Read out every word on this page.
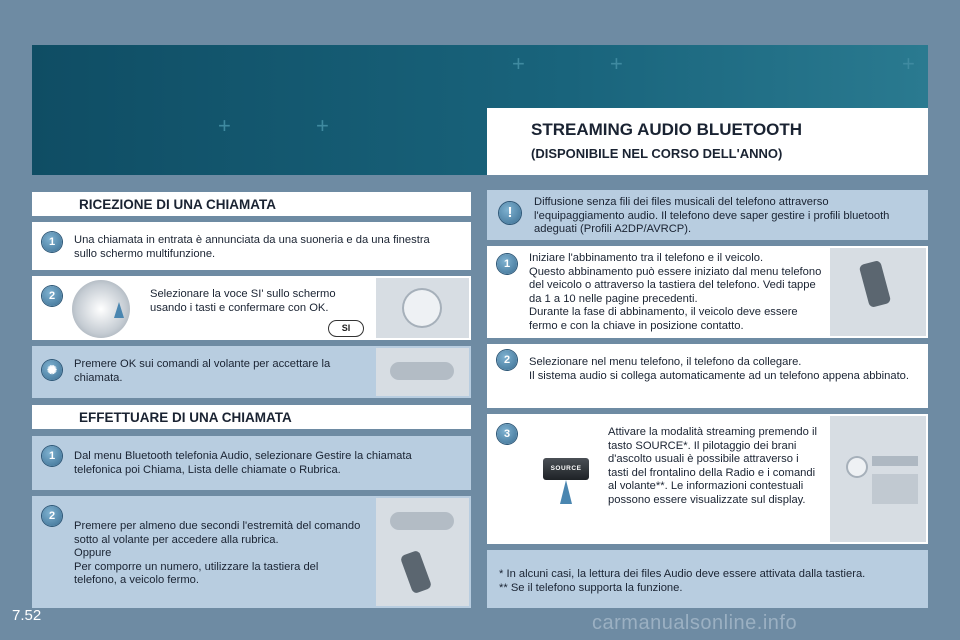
+	+	+
+	+	STREAMING AUDIO BLUETOOTH
(DISPONIBILE NEL CORSO DELL'ANNO)
RICEZIONE DI UNA CHIAMATA
1	Una chiamata in entrata è annunciata da una suoneria e da una finestra sullo schermo multifunzione.
2	Selezionare la voce SI' sullo schermo usando i tasti e confermare con OK.
SI
✺	Premere OK sui comandi al volante per accettare la chiamata.
EFFETTUARE DI UNA CHIAMATA
1	Dal menu Bluetooth telefonia Audio, selezionare Gestire la chiamata telefonica poi Chiama, Lista delle chiamate o Rubrica.
2
Premere per almeno due secondi l'estremità del comando sotto al volante per accedere alla rubrica.
Oppure
Per comporre un numero, utilizzare la tastiera del telefono, a veicolo fermo.
!
Diffusione senza fili dei files musicali del telefono attraverso l'equipaggiamento audio. Il telefono deve saper gestire i profili bluetooth adeguati (Profili A2DP/AVRCP).
1	Iniziare l'abbinamento tra il telefono e il veicolo.
Questo abbinamento può essere iniziato dal menu telefono del veicolo o attraverso la tastiera del telefono. Vedi tappe da 1 a 10 nelle pagine precedenti.
Durante la fase di abbinamento, il veicolo deve essere fermo e con la chiave in posizione contatto.
2	Selezionare nel menu telefono, il telefono da collegare.
Il sistema audio si collega automaticamente ad un telefono appena abbinato.
3
SOURCE
Attivare la modalità streaming premendo il tasto SOURCE*. Il pilotaggio dei brani d'ascolto usuali è possibile attraverso i tasti del frontalino della Radio e i comandi al volante**. Le informazioni contestuali possono essere visualizzate sul display.
* In alcuni casi, la lettura dei files Audio deve essere attivata dalla tastiera.
** Se il telefono supporta la funzione.
7.52	carmanualsonline.info
